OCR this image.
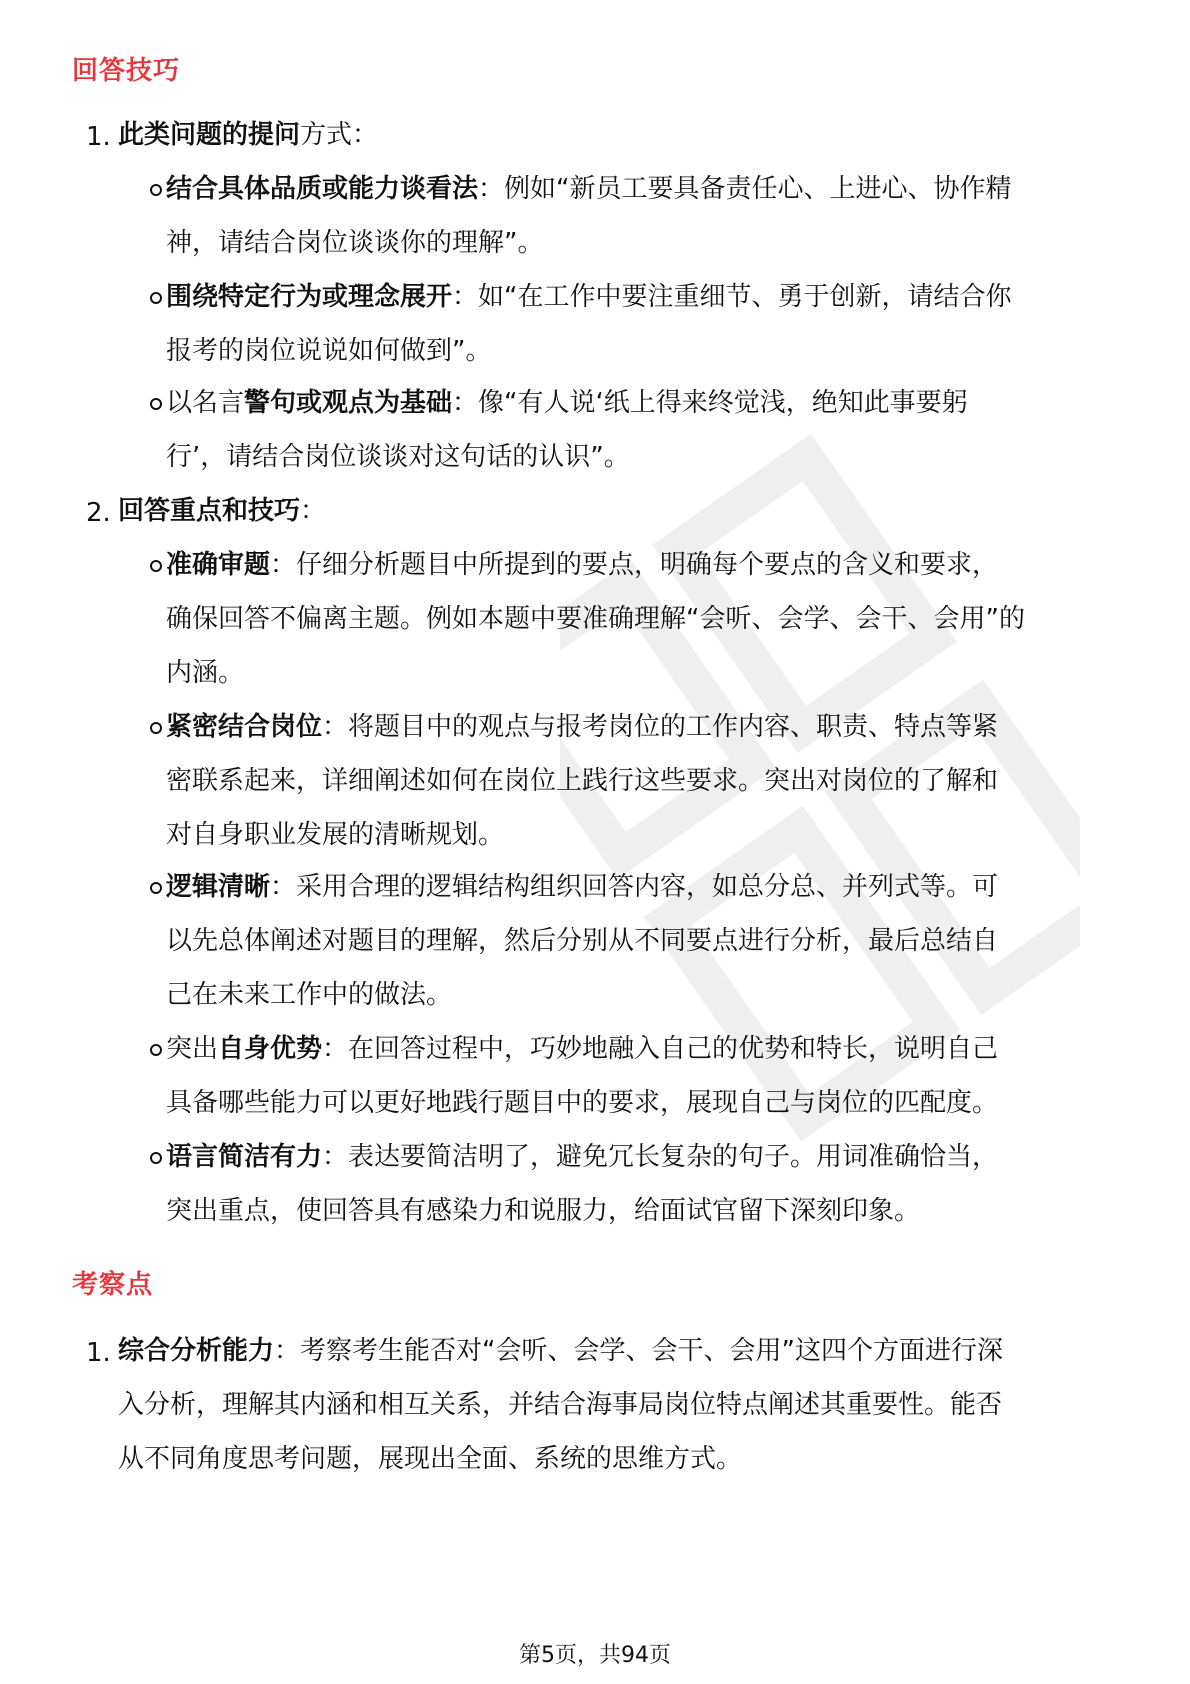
回答技巧
1. 此类问题的提问方式：
结合具体品质或能力谈看法：例如“新员工要具备责任心、上进心、协作精
神，请结合岗位谈谈你的理解”。
围绕特定行为或理念展开：如“在工作中要注重细节、勇于创新，请结合你
报考的岗位说说如何做到”。
以名言警句或观点为基础：像“有人说‘纸上得来终觉浅，绝知此事要躬
行’，请结合岗位谈谈对这句话的认识”。
2. 回答重点和技巧：
准确审题：仔细分析题目中所提到的要点，明确每个要点的含义和要求，
确保回答不偏离主题。例如本题中要准确理解“会听、会学、会干、会用”的
内涵。
紧密结合岗位：将题目中的观点与报考岗位的工作内容、职责、特点等紧
密联系起来，详细阐述如何在岗位上践行这些要求。突出对岗位的了解和
对自身职业发展的清晰规划。
逻辑清晰：采用合理的逻辑结构组织回答内容，如总分总、并列式等。可
以先总体阐述对题目的理解，然后分别从不同要点进行分析，最后总结自
己在未来工作中的做法。
突出自身优势：在回答过程中，巧妙地融入自己的优势和特长，说明自己
具备哪些能力可以更好地践行题目中的要求，展现自己与岗位的匹配度。
语言简洁有力：表达要简洁明了，避免冗长复杂的句子。用词准确恰当，
突出重点，使回答具有感染力和说服力，给面试官留下深刻印象。
考察点
1. 综合分析能力：考察考生能否对“会听、会学、会干、会用”这四个方面进行深
入分析，理解其内涵和相互关系，并结合海事局岗位特点阐述其重要性。能否
从不同角度思考问题，展现出全面、系统的思维方式。
第5页，共94页
